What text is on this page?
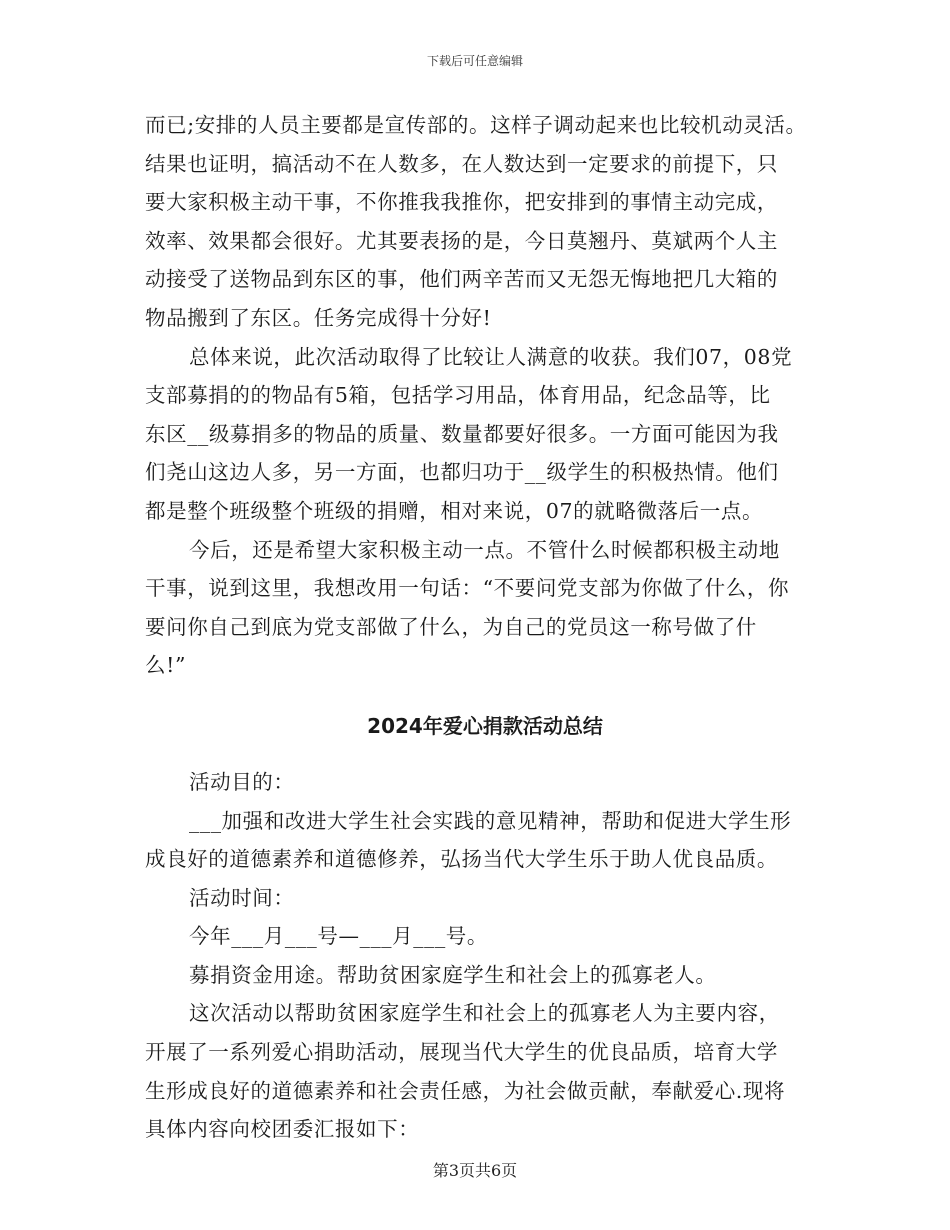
下载后可任意编辑
而已;安排的人员主要都是宣传部的。这样子调动起来也比较机动灵活。
结果也证明，搞活动不在人数多，在人数达到一定要求的前提下，只
要大家积极主动干事，不你推我我推你，把安排到的事情主动完成，
效率、效果都会很好。尤其要表扬的是，今日莫翘丹、莫斌两个人主
动接受了送物品到东区的事，他们两辛苦而又无怨无悔地把几大箱的
物品搬到了东区。任务完成得十分好!
总体来说，此次活动取得了比较让人满意的收获。我们07，08党
支部募捐的的物品有5箱，包括学习用品，体育用品，纪念品等，比
东区__级募捐多的物品的质量、数量都要好很多。一方面可能因为我
们尧山这边人多，另一方面，也都归功于__级学生的积极热情。他们
都是整个班级整个班级的捐赠，相对来说，07的就略微落后一点。
今后，还是希望大家积极主动一点。不管什么时候都积极主动地
干事，说到这里，我想改用一句话：“不要问党支部为你做了什么，你
要问你自己到底为党支部做了什么，为自己的党员这一称号做了什
么!”
2024年爱心捐款活动总结
活动目的：
___加强和改进大学生社会实践的意见精神，帮助和促进大学生形
成良好的道德素养和道德修养，弘扬当代大学生乐于助人优良品质。
活动时间：
今年___月___号—___月___号。
募捐资金用途。帮助贫困家庭学生和社会上的孤寡老人。
这次活动以帮助贫困家庭学生和社会上的孤寡老人为主要内容，
开展了一系列爱心捐助活动，展现当代大学生的优良品质，培育大学
生形成良好的道德素养和社会责任感，为社会做贡献，奉献爱心.现将
具体内容向校团委汇报如下：
第3页共6页
